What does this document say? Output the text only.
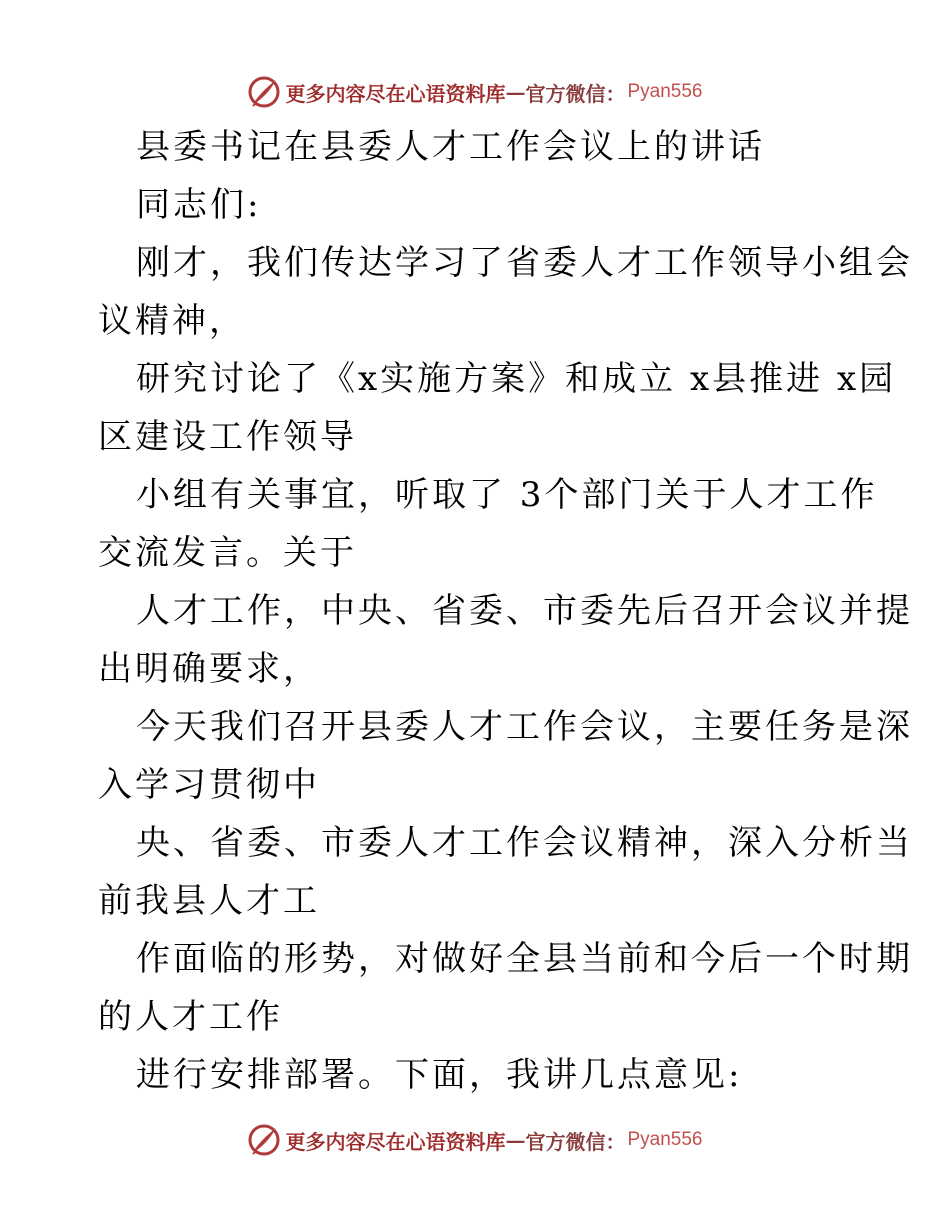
更多内容尽在心语资料库 — 官方微信： Pyan556
县委书记在县委人才工作会议上的讲话
同志们:
刚才，我们传达学习了省委人才工作领导小组会
议精神，
研究讨论了《x实施方案》和成立 x县推进 x园
区建设工作领导
小组有关事宜，听取了 3个部门关于人才工作
交流发言。关于
人才工作，中央、省委、市委先后召开会议并提
出明确要求，
今天我们召开县委人才工作会议，主要任务是深
入学习贯彻中
央、省委、市委人才工作会议精神，深入分析当
前我县人才工
作面临的形势，对做好全县当前和今后一个时期
的人才工作
进行安排部署。下面，我讲几点意见:
更多内容尽在心语资料库 — 官方微信： Pyan556
